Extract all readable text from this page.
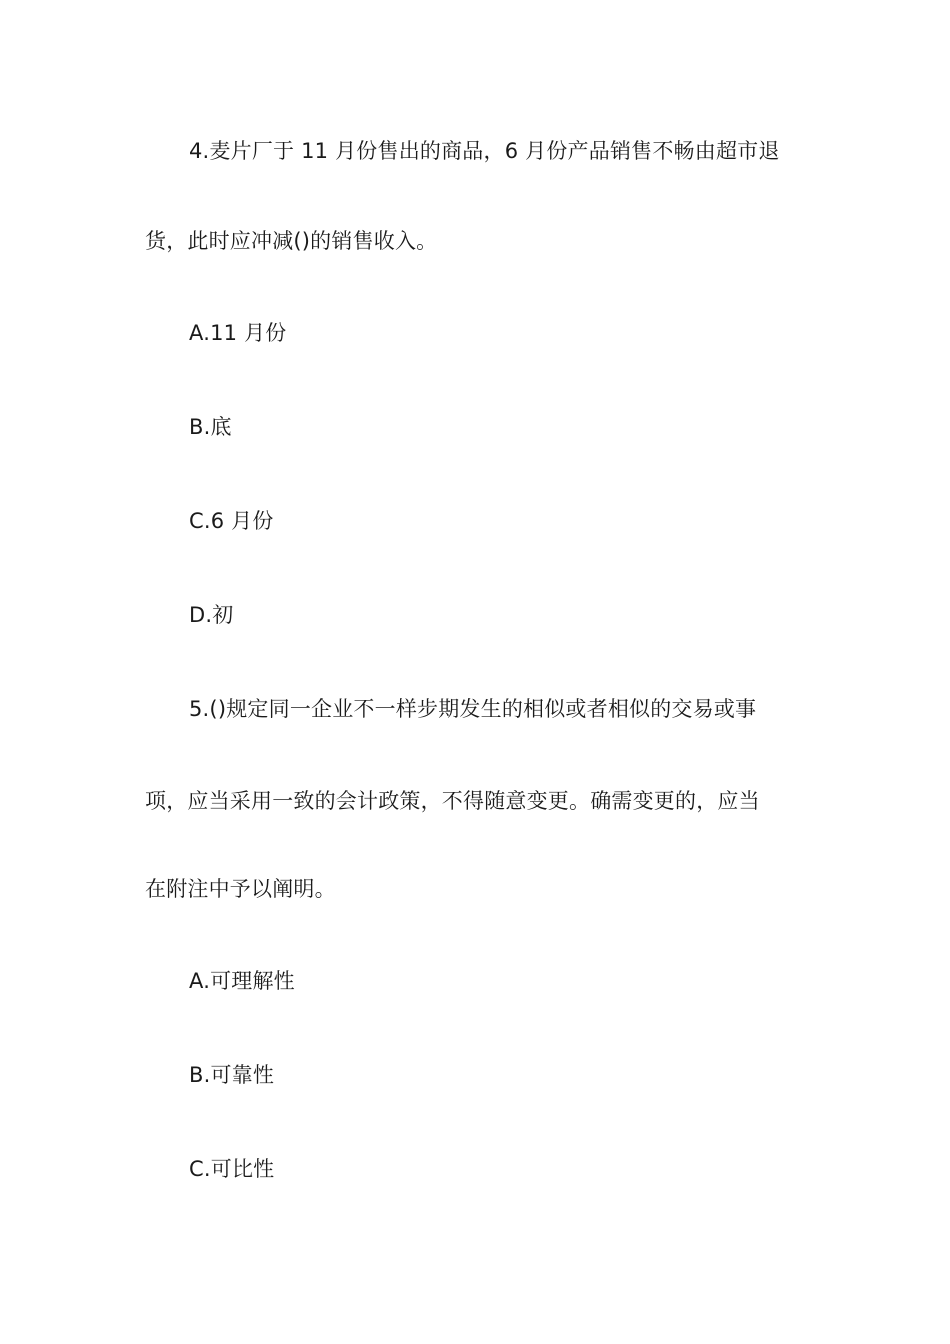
4.麦片厂于 11 月份售出的商品，6 月份产品销售不畅由超市退
货，此时应冲减()的销售收入。
A.11 月份
B.底
C.6 月份
D.初
5.()规定同一企业不一样步期发生的相似或者相似的交易或事
项，应当采用一致的会计政策，不得随意变更。确需变更的，应当
在附注中予以阐明。
A.可理解性
B.可靠性
C.可比性
